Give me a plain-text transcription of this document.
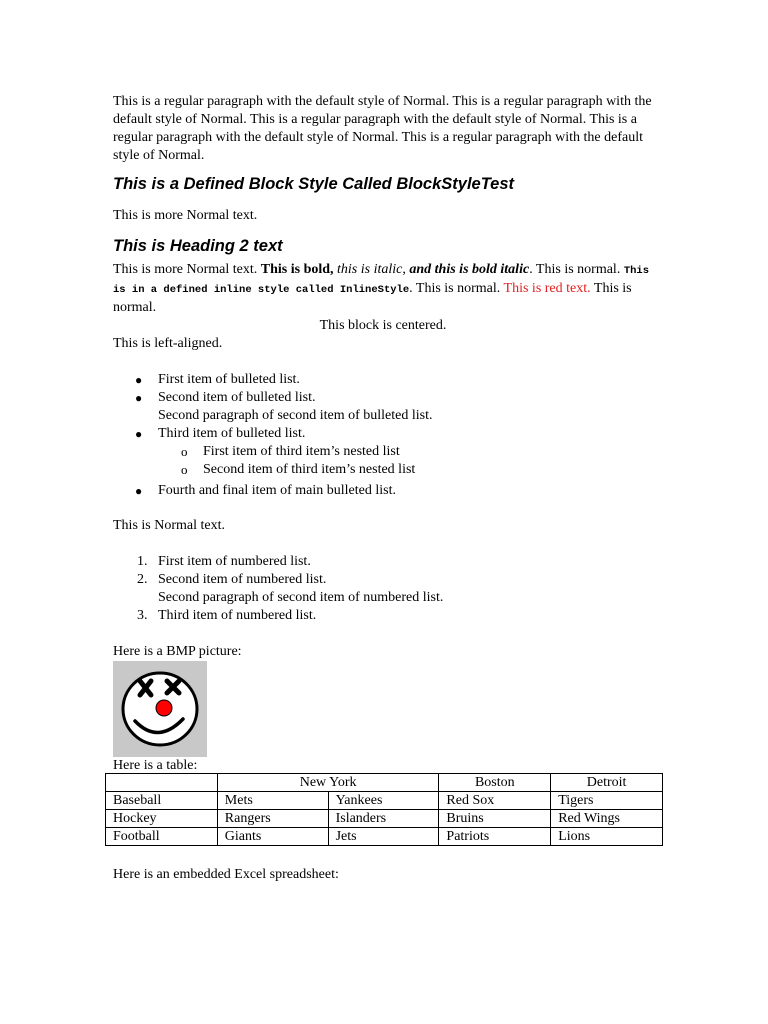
This is a regular paragraph with the default style of Normal. This is a regular paragraph with the default style of Normal. This is a regular paragraph with the default style of Normal. This is a regular paragraph with the default style of Normal. This is a regular paragraph with the default style of Normal.

This is a Defined Block Style Called BlockStyleTest

This is more Normal text.

This is Heading 2 text

This is more Normal text. This is bold, this is italic, and this is bold italic. This is normal. This is in a defined inline style called InlineStyle. This is normal. This is red text. This is normal.

This block is centered.

This is left-aligned.

● First item of bulleted list.
● Second item of bulleted list.
Second paragraph of second item of bulleted list.
● Third item of bulleted list.
o First item of third item’s nested list
o Second item of third item’s nested list
● Fourth and final item of main bulleted list.

This is Normal text.

1. First item of numbered list.
2. Second item of numbered list.
Second paragraph of second item of numbered list.
3. Third item of numbered list.

Here is a BMP picture:

Here is a table:

	New York		Boston	Detroit
Baseball	Mets	Yankees	Red Sox	Tigers
Hockey	Rangers	Islanders	Bruins	Red Wings
Football	Giants	Jets	Patriots	Lions

Here is an embedded Excel spreadsheet:
